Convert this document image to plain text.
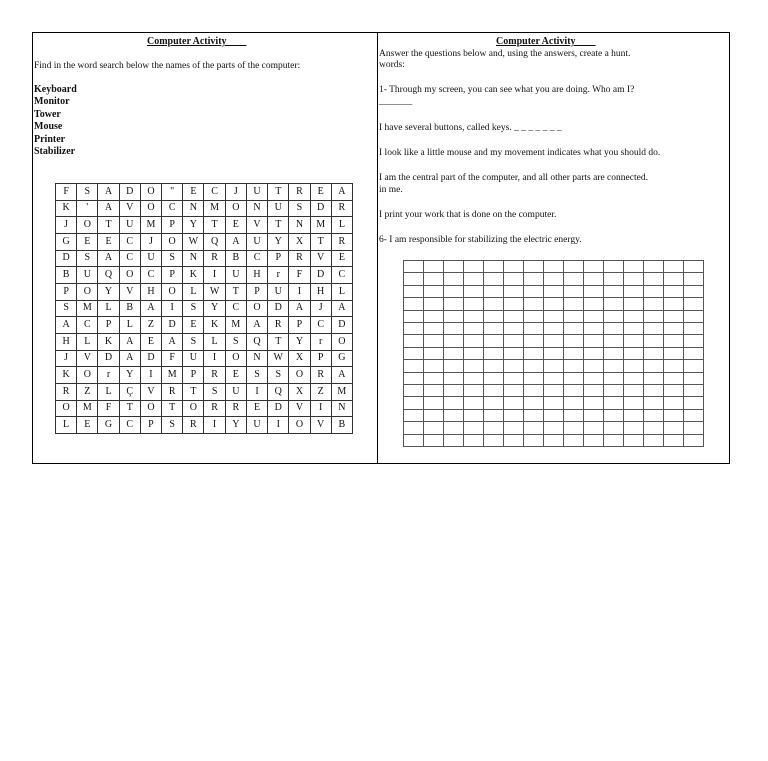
Computer Activity
Find in the word search below the names of the parts of the computer:
Keyboard
Monitor
Tower
Mouse
Printer
Stabilizer
F	S	A	D	O	"	E	C	J	U	T	R	E	A
K	'	A	V	O	C	N	M	O	N	U	S	D	R
J	O	T	U	M	P	Y	T	E	V	T	N	M	L
G	E	E	C	J	O	W	Q	A	U	Y	X	T	R
D	S	A	C	U	S	N	R	B	C	P	R	V	E
B	U	Q	O	C	P	K	I	U	H	r	F	D	C
P	O	Y	V	H	O	L	W	T	P	U	I	H	L
S	M	L	B	A	I	S	Y	C	O	D	A	J	A
A	C	P	L	Z	D	E	K	M	A	R	P	C	D
H	L	K	A	E	A	S	L	S	Q	T	Y	r	O
J	V	D	A	D	F	U	I	O	N	W	X	P	G
K	O	r	Y	I	M	P	R	E	S	S	O	R	A
R	Z	L	Ç	V	R	T	S	U	I	Q	X	Z	M
O	M	F	T	O	T	O	R	R	E	D	V	I	N
L	E	G	C	P	S	R	I	Y	U	I	O	V	B
Computer Activity
Answer the questions below and, using the answers, create a hunt.
words:
1- Through my screen, you can see what you are doing. Who am I?
_______
I have several buttons, called keys. _ _ _ _ _ _ _
I look like a little mouse and my movement indicates what you should do.
I am the central part of the computer, and all other parts are connected.
in me.
I print your work that is done on the computer.
6- I am responsible for stabilizing the electric energy.
